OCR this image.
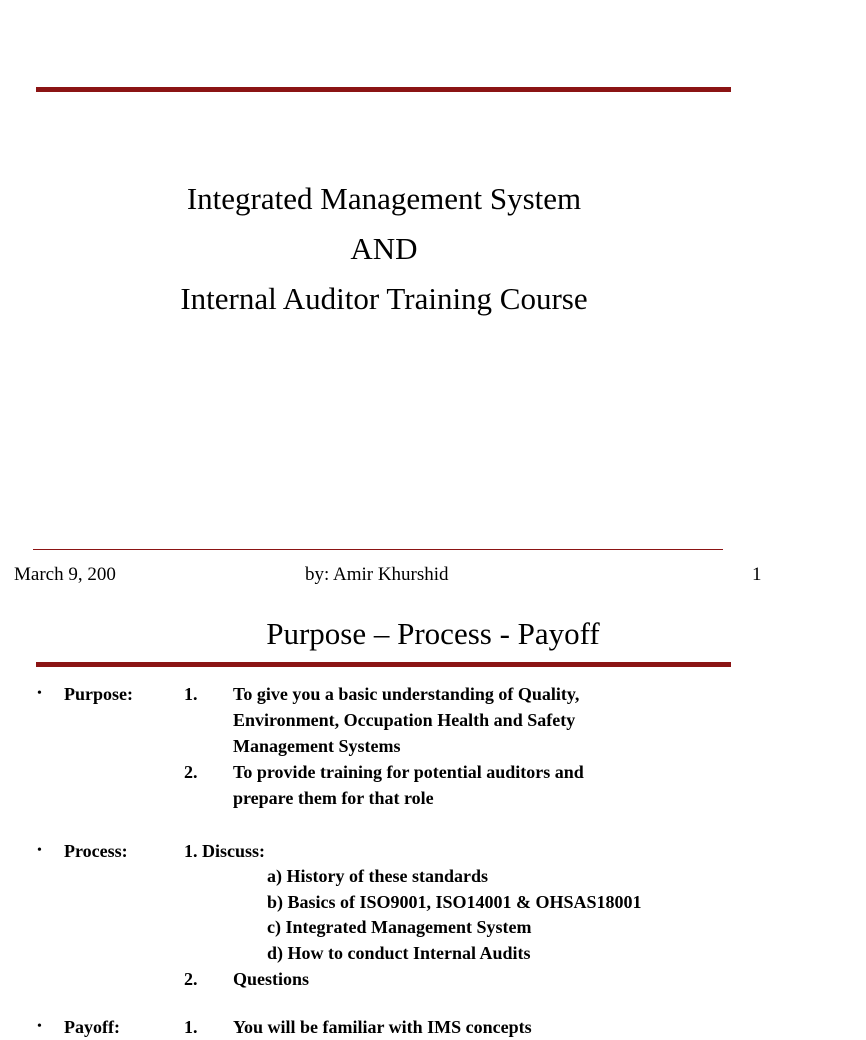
Integrated Management System
AND
Internal Auditor Training Course
March 9, 200	by: Amir Khurshid	1
Purpose – Process - Payoff
• Purpose:	1. To give you a basic understanding of Quality,
Environment, Occupation Health and Safety
Management Systems
2. To provide training for potential auditors and
prepare them for that role
• Process:	1. Discuss:
a) History of these standards
b) Basics of ISO9001, ISO14001 & OHSAS18001
c) Integrated Management System
d) How to conduct Internal Audits
2. Questions
• Payoff:	1. You will be familiar with IMS concepts
